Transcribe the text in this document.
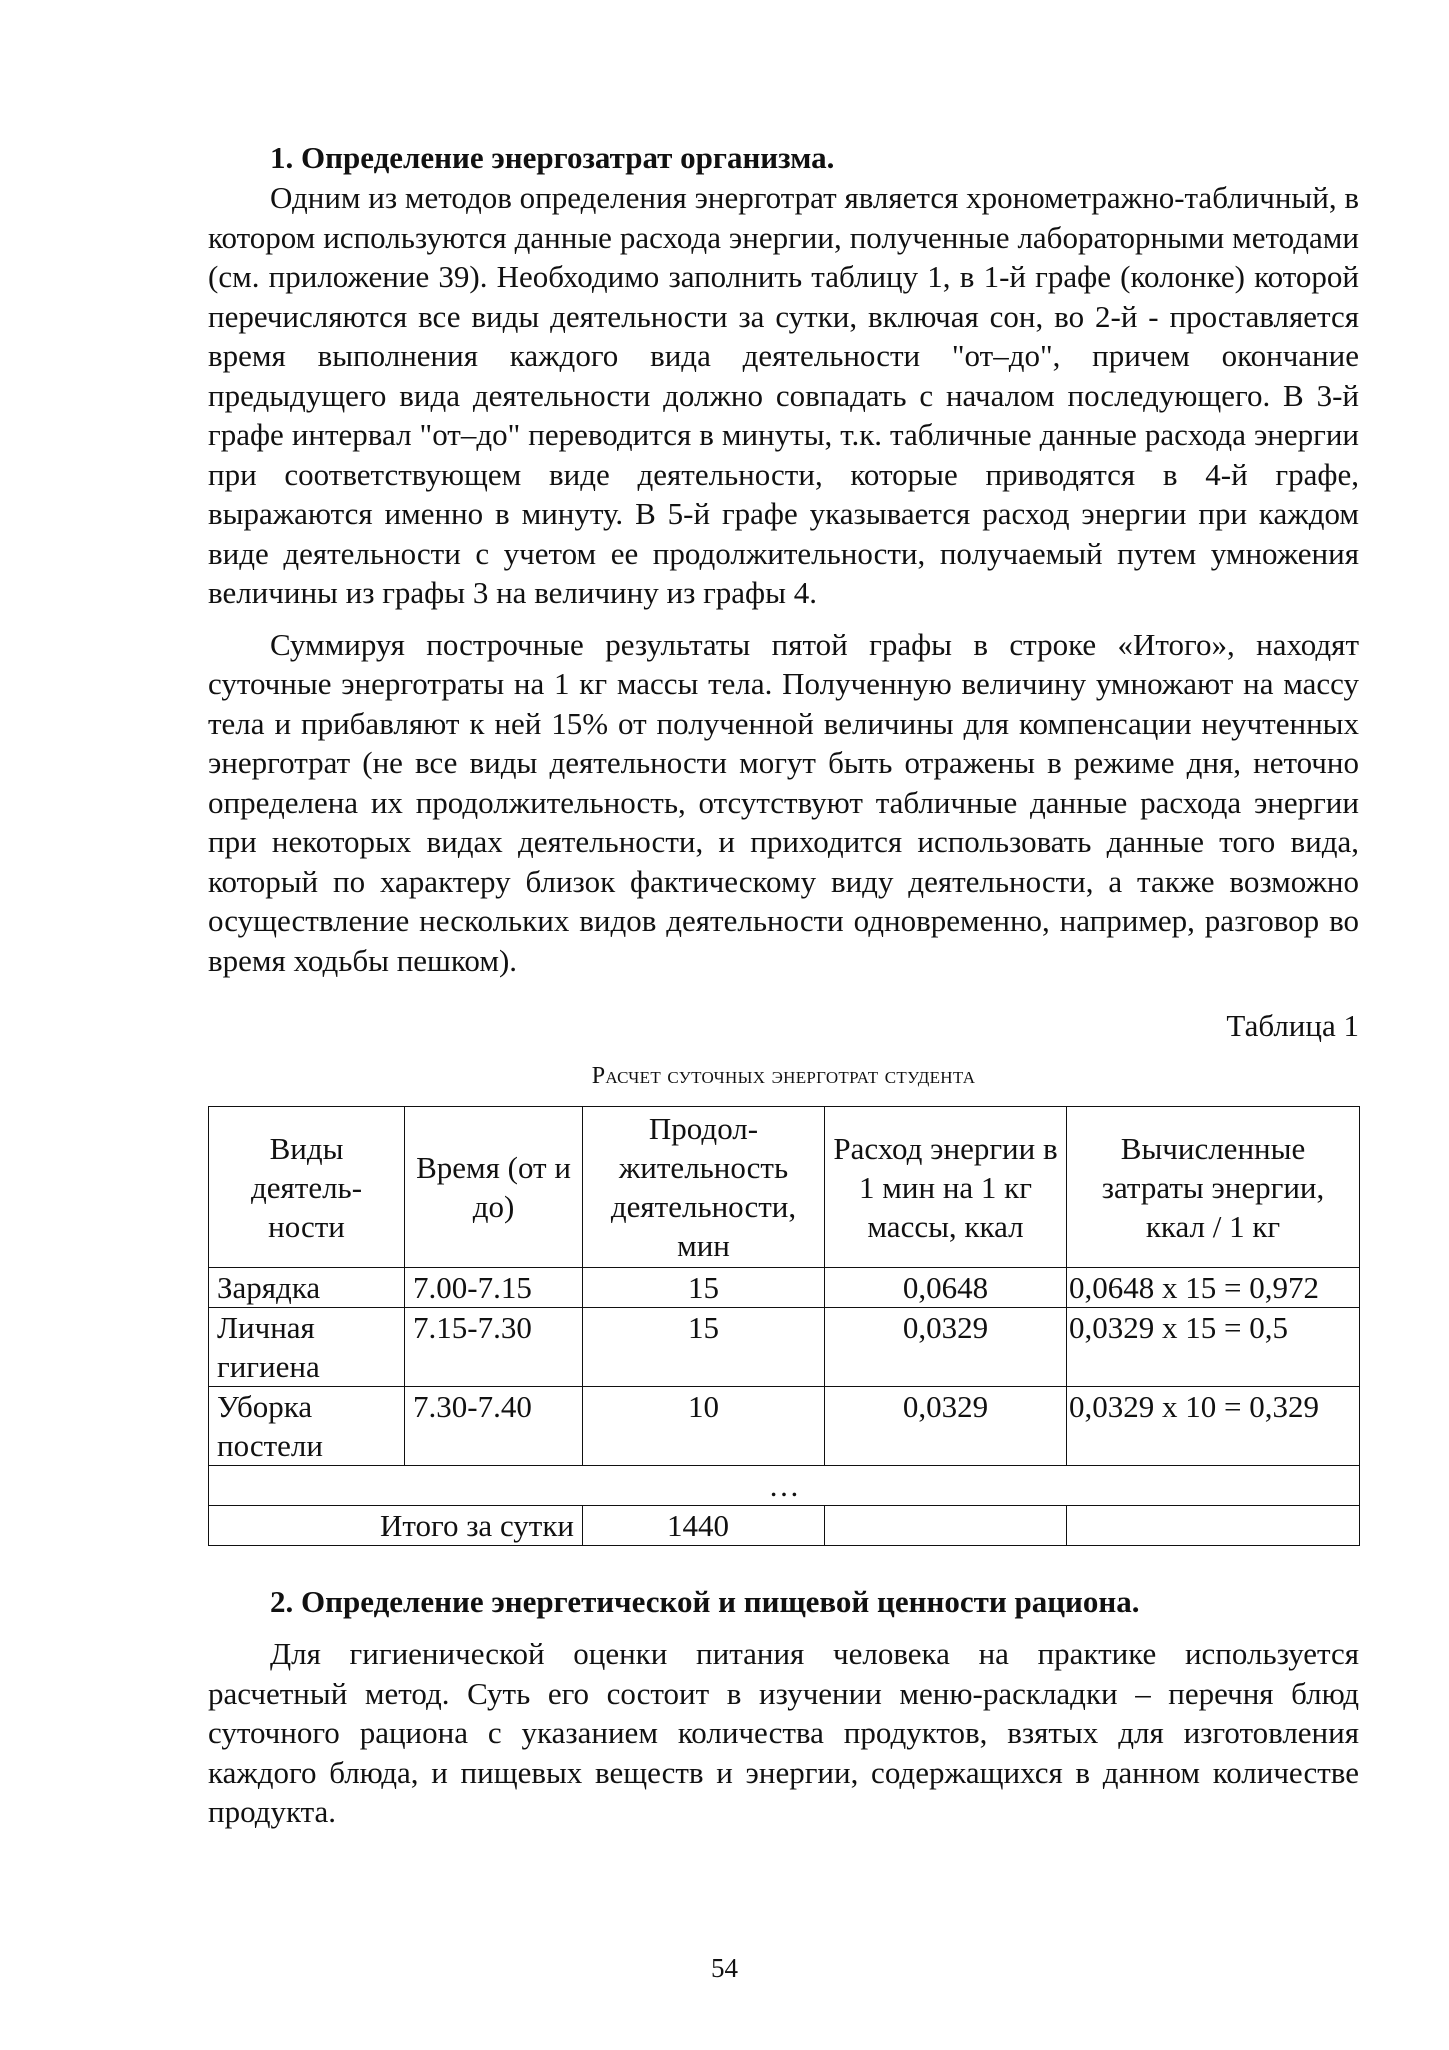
1. Определение энергозатрат организма.

Одним из методов определения энерготрат является хронометражно-табличный, в котором используются данные расхода энергии, полученные лабораторными методами (см. приложение 39). Необходимо заполнить таблицу 1, в 1-й графе (колонке) которой перечисляются все виды деятельности за сутки, включая сон, во 2-й - проставляется время выполнения каждого вида деятельности "от–до", причем окончание предыдущего вида деятельности должно совпадать с началом последующего. В 3-й графе интервал "от–до" переводится в минуты, т.к. табличные данные расхода энергии при соответствующем виде деятельности, которые приводятся в 4-й графе, выражаются именно в минуту. В 5-й графе указывается расход энергии при каждом виде деятельности с учетом ее продолжительности, получаемый путем умножения величины из графы 3 на величину из графы 4.

Суммируя построчные результаты пятой графы в строке «Итого», находят суточные энерготраты на 1 кг массы тела. Полученную величину умножают на массу тела и прибавляют к ней 15% от полученной величины для компенсации неучтенных энерготрат (не все виды деятельности могут быть отражены в режиме дня, неточно определена их продолжительность, отсутствуют табличные данные расхода энергии при некоторых видах деятельности, и приходится использовать данные того вида, который по характеру близок фактическому виду деятельности, а также возможно осуществление нескольких видов деятельности одновременно, например, разговор во время ходьбы пешком).

Таблица 1

Расчет суточных энерготрат студента

Виды деятель-ности	Время (от и до)	Продол-жительность деятельности, мин	Расход энергии в 1 мин на 1 кг массы, ккал	Вычисленные затраты энергии, ккал / 1 кг
Зарядка	7.00-7.15	15	0,0648	0,0648 х 15 = 0,972
Личная гигиена	7.15-7.30	15	0,0329	0,0329 х 15 = 0,5
Уборка постели	7.30-7.40	10	0,0329	0,0329 х 10 = 0,329
…				
Итого за сутки		1440		

2. Определение энергетической и пищевой ценности рациона.

Для гигиенической оценки питания человека на практике используется расчетный метод. Суть его состоит в изучении меню-раскладки – перечня блюд суточного рациона с указанием количества продуктов, взятых для изготовления каждого блюда, и пищевых веществ и энергии, содержащихся в данном количестве продукта.

54
